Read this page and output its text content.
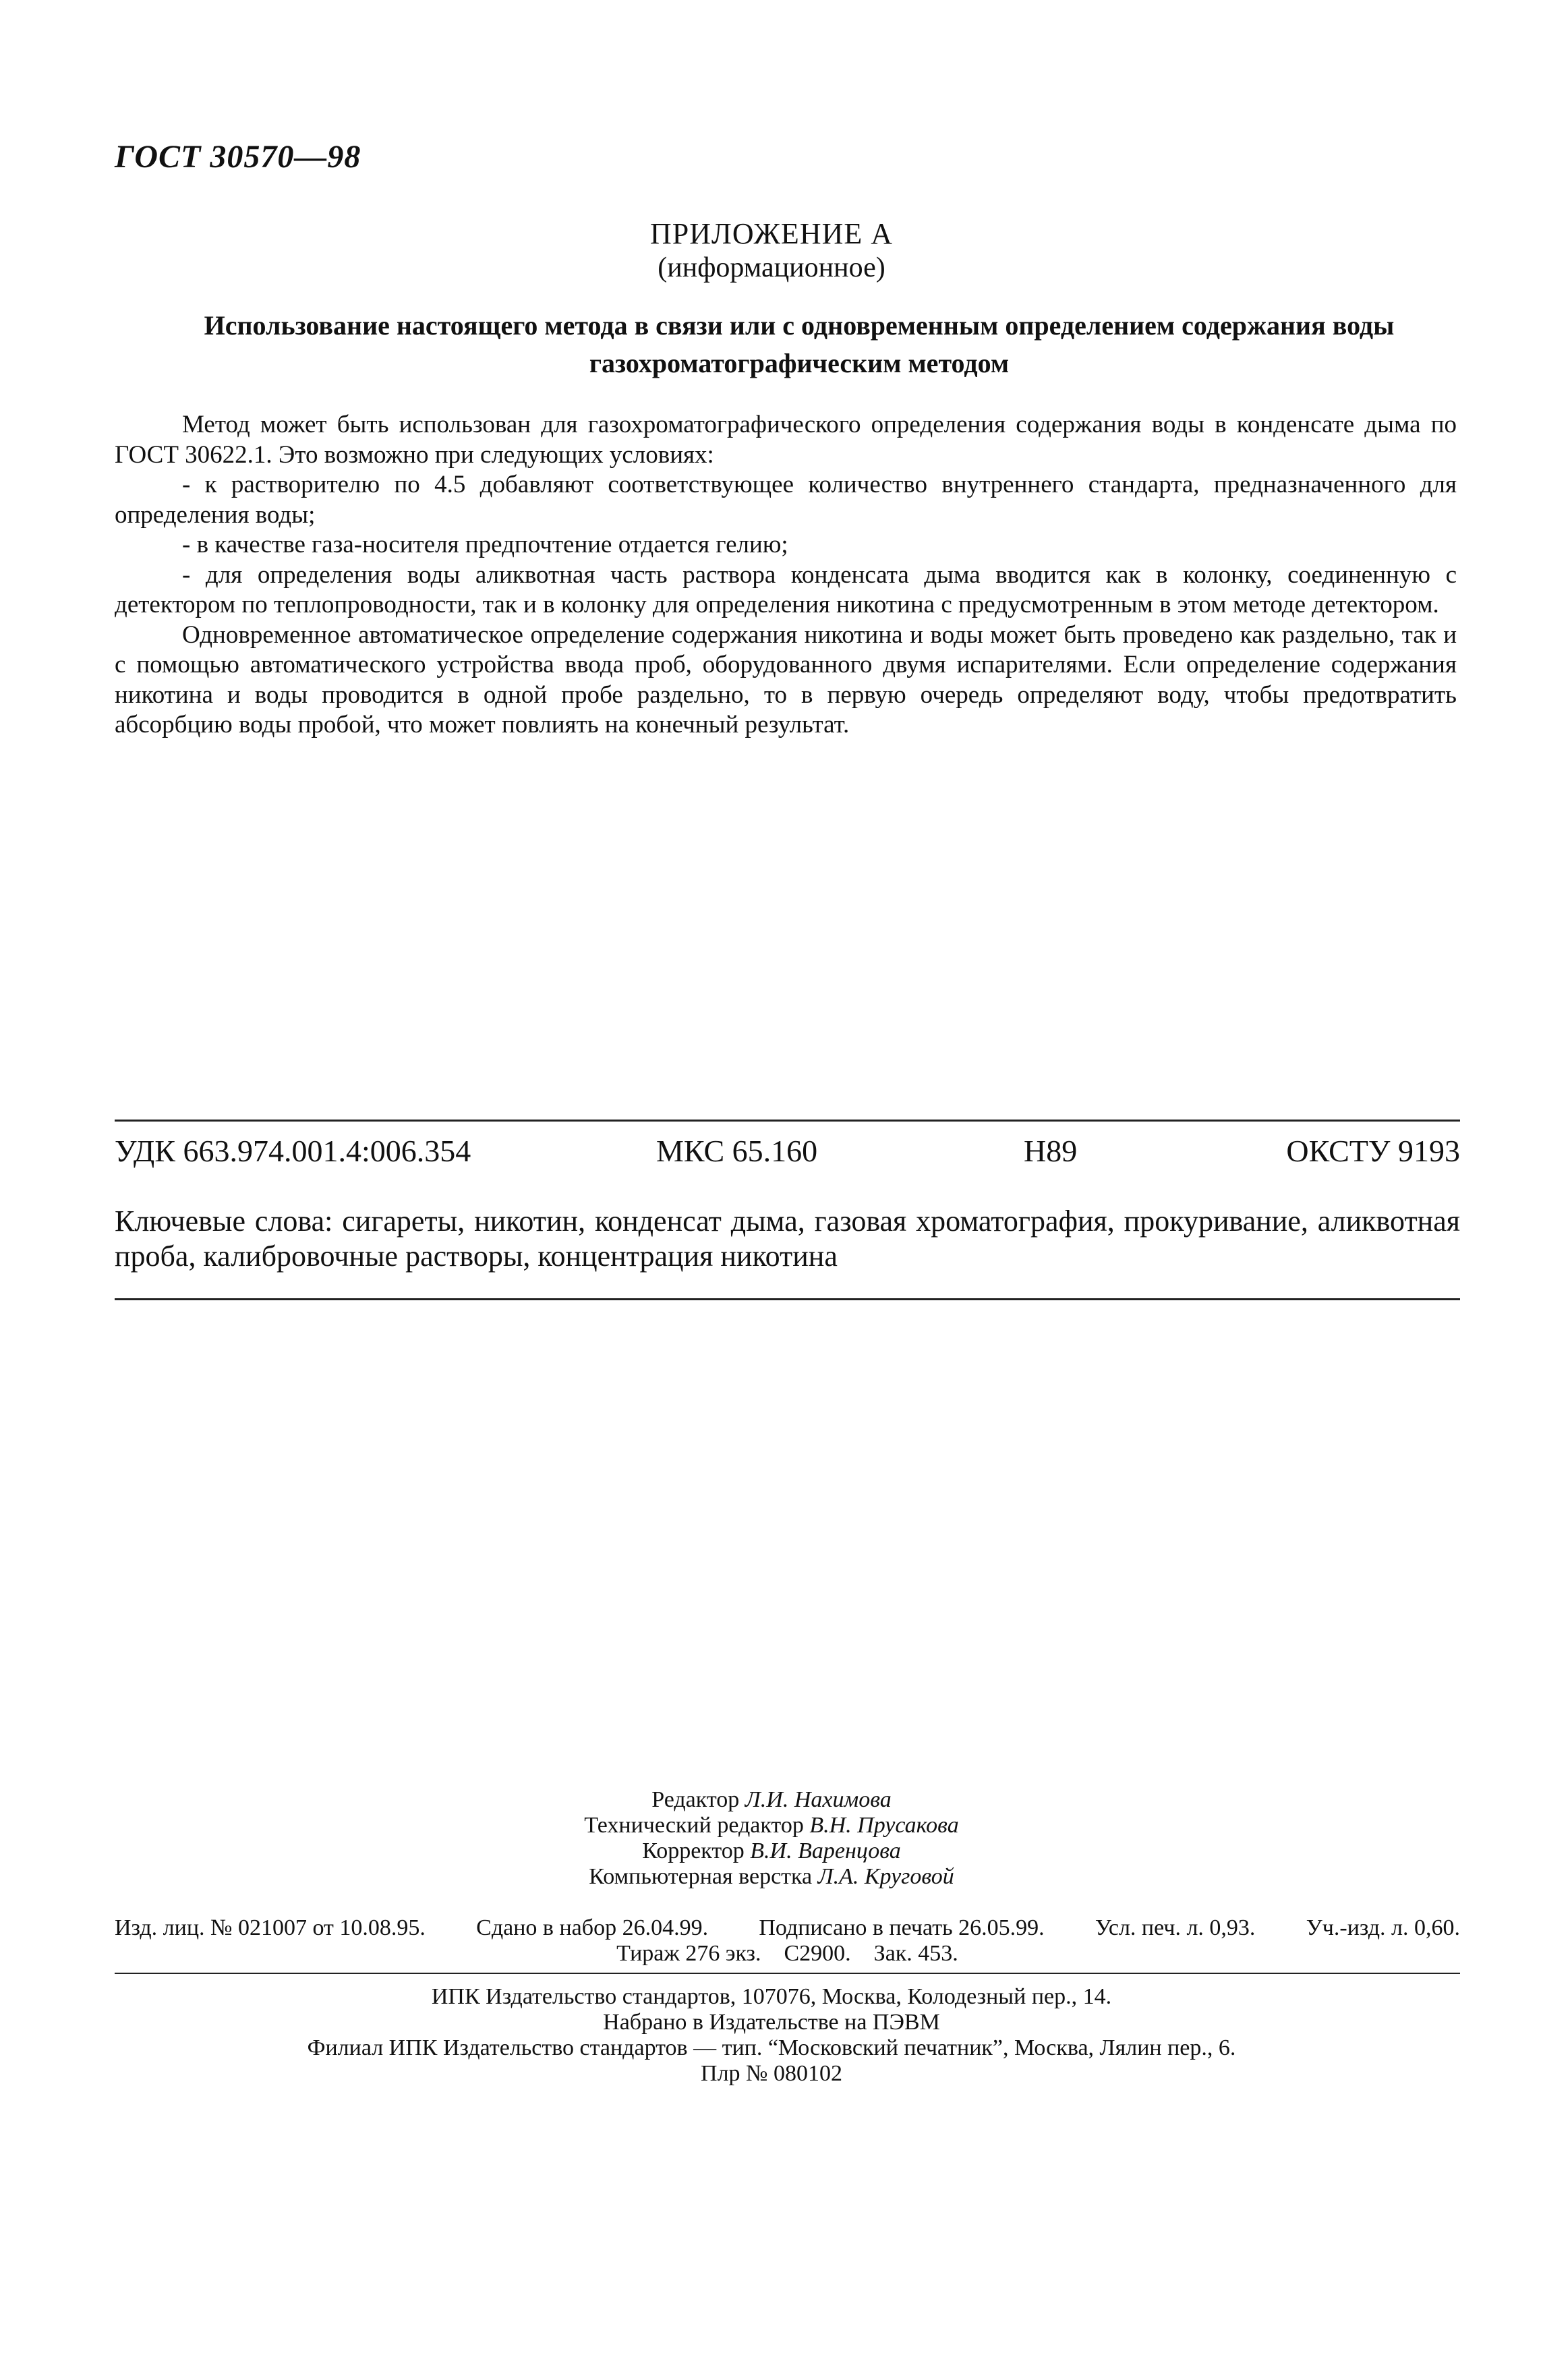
ГОСТ 30570—98
ПРИЛОЖЕНИЕ А
(информационное)
Использование настоящего метода в связи или с одновременным определением содержания воды
газохроматографическим методом

Метод может быть использован для газохроматографического определения содержания воды в конденсате дыма по ГОСТ 30622.1. Это возможно при следующих условиях:

- к растворителю по 4.5 добавляют соответствующее количество внутреннего стандарта, предназначенного для определения воды;

- в качестве газа-носителя предпочтение отдается гелию;

- для определения воды аликвотная часть раствора конденсата дыма вводится как в колонку, соединенную с детектором по теплопроводности, так и в колонку для определения никотина с предусмотренным в этом методе детектором.

Одновременное автоматическое определение содержания никотина и воды может быть проведено как раздельно, так и с помощью автоматического устройства ввода проб, оборудованного двумя испарителями. Если определение содержания никотина и воды проводится в одной пробе раздельно, то в первую очередь определяют воду, чтобы предотвратить абсорбцию воды пробой, что может повлиять на конечный результат.

УДК 663.974.001.4:006.354	МКС 65.160	Н89	ОКСТУ 9193
Ключевые слова: сигареты, никотин, конденсат дыма, газовая хроматография, прокуривание, аликвотная проба, калибровочные растворы, концентрация никотина
Редактор Л.И. Нахимова
Технический редактор В.Н. Прусакова
Корректор В.И. Варенцова
Компьютерная верстка Л.А. Круговой
Изд. лиц. № 021007 от 10.08.95. Сдано в набор 26.04.99. Подписано в печать 26.05.99. Усл. печ. л. 0,93. Уч.-изд. л. 0,60.
Тираж 276 экз. С2900. Зак. 453.
ИПК Издательство стандартов, 107076, Москва, Колодезный пер., 14.
Набрано в Издательстве на ПЭВМ
Филиал ИПК Издательство стандартов — тип. “Московский печатник”, Москва, Лялин пер., 6.
Плр № 080102
